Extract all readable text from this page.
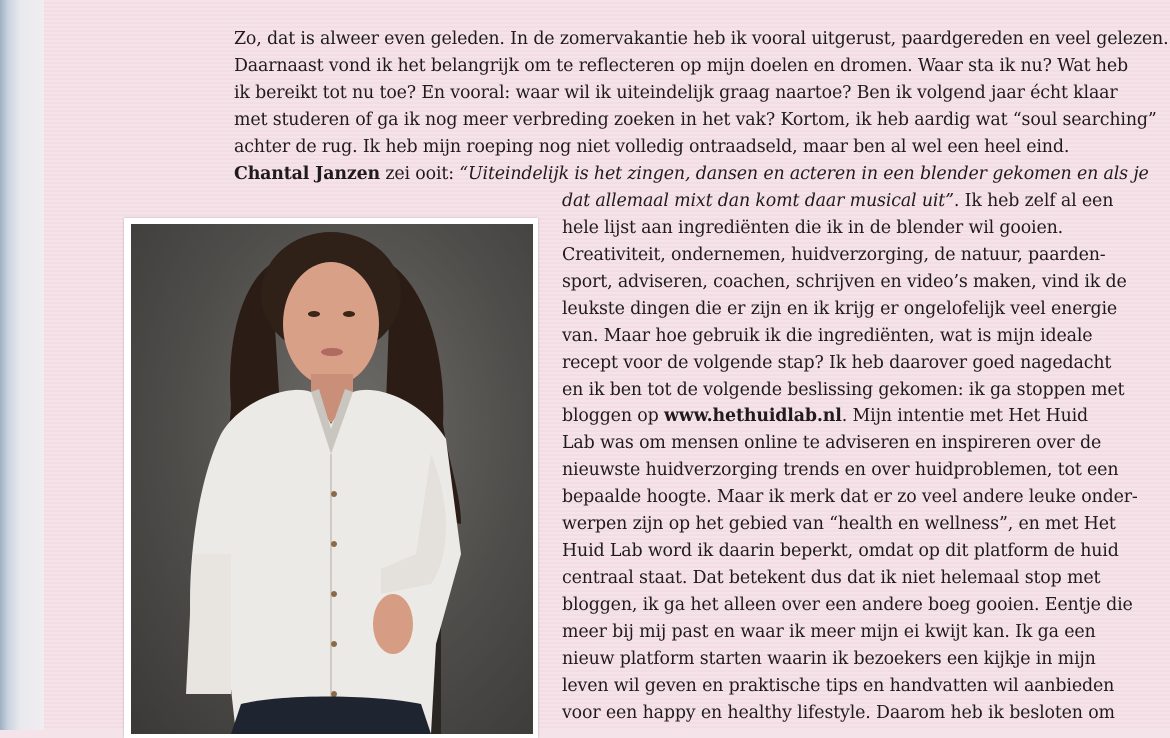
Zo, dat is alweer even geleden. In de zomervakantie heb ik vooral uitgerust, paardgereden en veel gelezen.
Daarnaast vond ik het belangrijk om te reflecteren op mijn doelen en dromen. Waar sta ik nu? Wat heb
ik bereikt tot nu toe? En vooral: waar wil ik uiteindelijk graag naartoe? Ben ik volgend jaar écht klaar
met studeren of ga ik nog meer verbreding zoeken in het vak? Kortom, ik heb aardig wat “soul searching”
achter de rug. Ik heb mijn roeping nog niet volledig ontraadseld, maar ben al wel een heel eind.
Chantal Janzen zei ooit: “Uiteindelijk is het zingen, dansen en acteren in een blender gekomen en als je
dat allemaal mixt dan komt daar musical uit”. Ik heb zelf al een
hele lijst aan ingrediënten die ik in de blender wil gooien.
Creativiteit, ondernemen, huidverzorging, de natuur, paarden-
sport, adviseren, coachen, schrijven en video’s maken, vind ik de
leukste dingen die er zijn en ik krijg er ongelofelijk veel energie
van. Maar hoe gebruik ik die ingrediënten, wat is mijn ideale
recept voor de volgende stap? Ik heb daarover goed nagedacht
en ik ben tot de volgende beslissing gekomen: ik ga stoppen met
bloggen op www.hethuidlab.nl. Mijn intentie met Het Huid
Lab was om mensen online te adviseren en inspireren over de
nieuwste huidverzorging trends en over huidproblemen, tot een
bepaalde hoogte. Maar ik merk dat er zo veel andere leuke onder-
werpen zijn op het gebied van “health en wellness”, en met Het
Huid Lab word ik daarin beperkt, omdat op dit platform de huid
centraal staat. Dat betekent dus dat ik niet helemaal stop met
bloggen, ik ga het alleen over een andere boeg gooien. Eentje die
meer bij mij past en waar ik meer mijn ei kwijt kan. Ik ga een
nieuw platform starten waarin ik bezoekers een kijkje in mijn
leven wil geven en praktische tips en handvatten wil aanbieden
voor een happy en healthy lifestyle. Daarom heb ik besloten om
